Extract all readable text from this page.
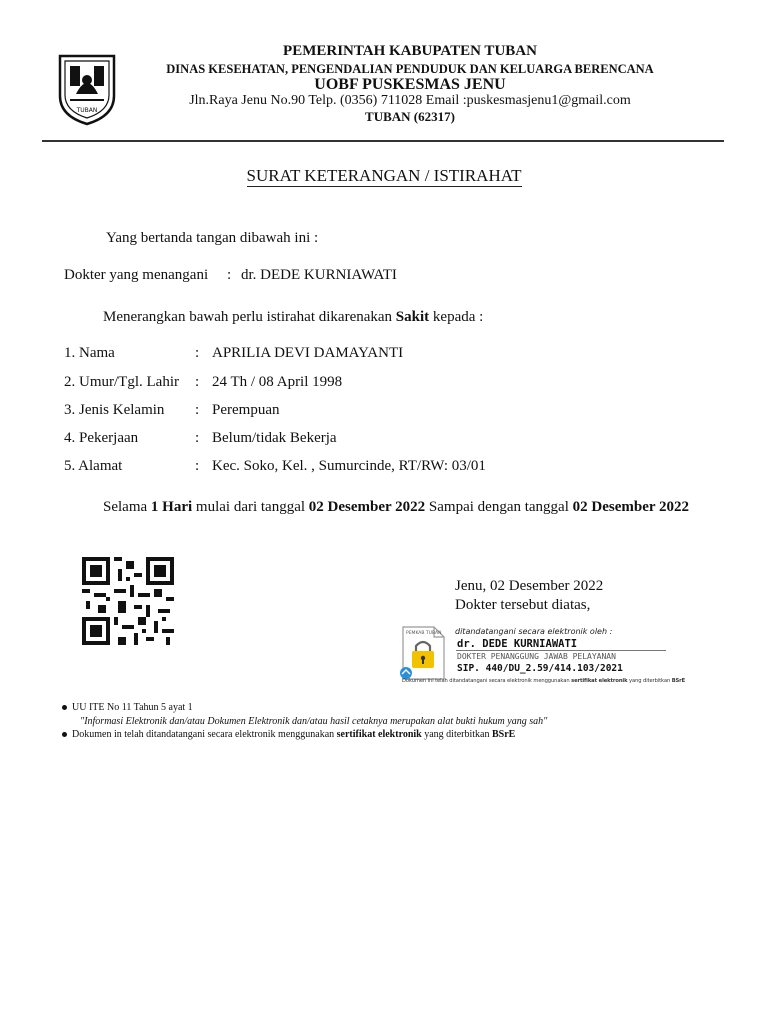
TUBAN
PEMERINTAH KABUPATEN TUBAN
DINAS KESEHATAN, PENGENDALIAN PENDUDUK DAN KELUARGA BERENCANA
UOBF PUSKESMAS JENU
Jln.Raya Jenu No.90 Telp. (0356) 711028 Email :puskesmasjenu1@gmail.com
TUBAN (62317)
SURAT KETERANGAN / ISTIRAHAT
Yang bertanda tangan dibawah ini :
Dokter yang menangani : dr. DEDE KURNIAWATI
Menerangkan bawah perlu istirahat dikarenakan Sakit kepada :
1. Nama	: APRILIA DEVI DAMAYANTI
2. Umur/Tgl. Lahir : 24 Th / 08 April 1998
3. Jenis Kelamin : Perempuan
4. Pekerjaan	: Belum/tidak Bekerja
5. Alamat	: Kec. Soko, Kel. , Sumurcinde, RT/RW: 03/01
Selama 1 Hari mulai dari tanggal 02 Desember 2022 Sampai dengan tanggal 02 Desember 2022
Jenu, 02 Desember 2022
Dokter tersebut diatas,
PEMKAB TUBAN ditandatangani secara elektronik oleh :
dr. DEDE KURNIAWATI
DOKTER PENANGGUNG JAWAB PELAYANAN
SIP. 440/DU_2.59/414.103/2021
Dokumen ini telah ditandatangani secara elektronik menggunakan sertifikat elektronik yang diterbitkan BSrE
UU ITE No 11 Tahun 5 ayat 1
"Informasi Elektronik dan/atau Dokumen Elektronik dan/atau hasil cetaknya merupakan alat bukti hukum yang sah"
Dokumen in telah ditandatangani secara elektronik menggunakan sertifikat elektronik yang diterbitkan BSrE
